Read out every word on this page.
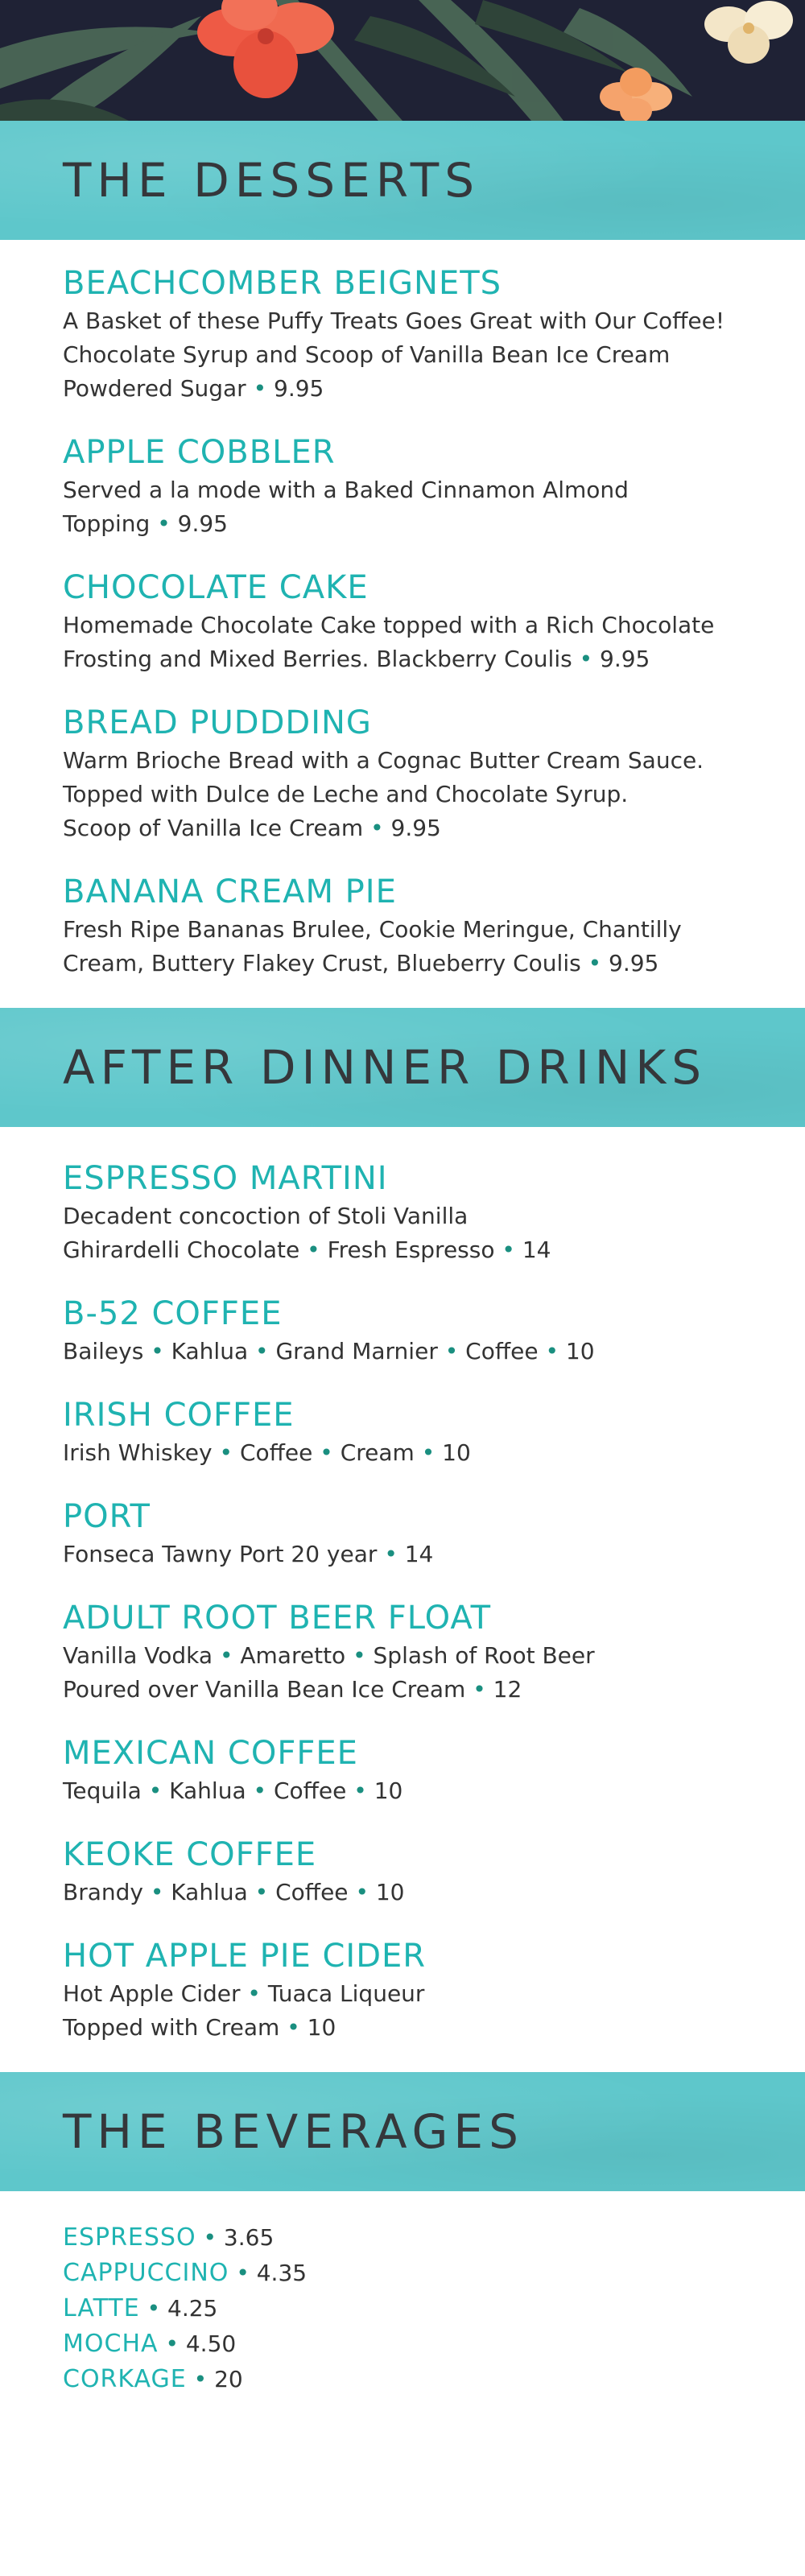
THE DESSERTS
BEACHCOMBER BEIGNETS
A Basket of these Puffy Treats Goes Great with Our Coffee!
Chocolate Syrup and Scoop of Vanilla Bean Ice Cream
Powdered Sugar • 9.95
APPLE COBBLER
Served a la mode with a Baked Cinnamon Almond
Topping • 9.95
CHOCOLATE CAKE
Homemade Chocolate Cake topped with a Rich Chocolate
Frosting and Mixed Berries. Blackberry Coulis • 9.95
BREAD PUDDDING
Warm Brioche Bread with a Cognac Butter Cream Sauce.
Topped with Dulce de Leche and Chocolate Syrup.
Scoop of Vanilla Ice Cream • 9.95
BANANA CREAM PIE
Fresh Ripe Bananas Brulee, Cookie Meringue, Chantilly
Cream, Buttery Flakey Crust, Blueberry Coulis • 9.95
AFTER DINNER DRINKS
ESPRESSO MARTINI
Decadent concoction of Stoli Vanilla
Ghirardelli Chocolate • Fresh Espresso • 14
B-52 COFFEE
Baileys • Kahlua • Grand Marnier • Coffee • 10
IRISH COFFEE
Irish Whiskey • Coffee • Cream • 10
PORT
Fonseca Tawny Port 20 year • 14
ADULT ROOT BEER FLOAT
Vanilla Vodka • Amaretto • Splash of Root Beer
Poured over Vanilla Bean Ice Cream • 12
MEXICAN COFFEE
Tequila • Kahlua • Coffee • 10
KEOKE COFFEE
Brandy • Kahlua • Coffee • 10
HOT APPLE PIE CIDER
Hot Apple Cider • Tuaca Liqueur
Topped with Cream • 10
THE BEVERAGES
ESPRESSO • 3.65
CAPPUCCINO • 4.35
LATTE • 4.25
MOCHA • 4.50
CORKAGE • 20
